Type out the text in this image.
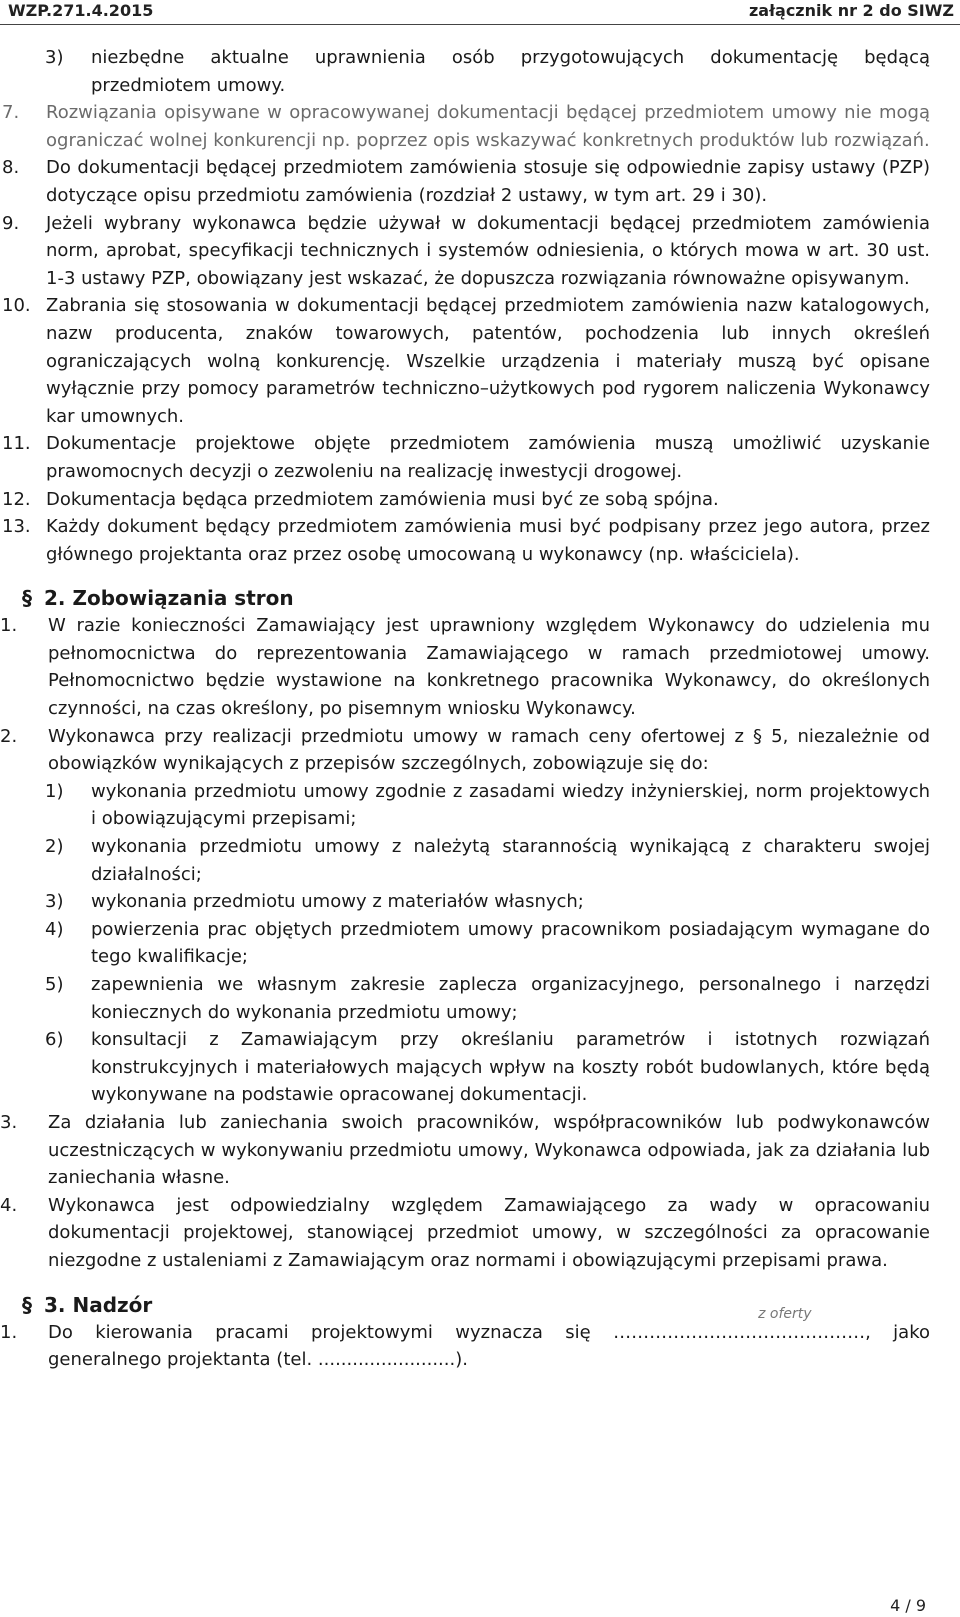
WZP.271.4.2015	załącznik nr 2 do SIWZ
3)	niezbędne aktualne uprawnienia osób przygotowujących dokumentację będącą przedmiotem umowy.
7.	Rozwiązania opisywane w opracowywanej dokumentacji będącej przedmiotem umowy nie mogą ograniczać wolnej konkurencji np. poprzez opis wskazywać konkretnych produktów lub rozwiązań.
8.	Do dokumentacji będącej przedmiotem zamówienia stosuje się odpowiednie zapisy ustawy (PZP) dotyczące opisu przedmiotu zamówienia (rozdział 2 ustawy, w tym art. 29 i 30).
9.	Jeżeli wybrany wykonawca będzie używał w dokumentacji będącej przedmiotem zamówienia norm, aprobat, specyfikacji technicznych i systemów odniesienia, o których mowa w art. 30 ust. 1-3 ustawy PZP, obowiązany jest wskazać, że dopuszcza rozwiązania równoważne opisywanym.
10. Zabrania się stosowania w dokumentacji będącej przedmiotem zamówienia nazw katalogowych, nazw producenta, znaków towarowych, patentów, pochodzenia lub innych określeń ograniczających wolną konkurencję. Wszelkie urządzenia i materiały muszą być opisane wyłącznie przy pomocy parametrów techniczno–użytkowych pod rygorem naliczenia Wykonawcy kar umownych.
11. Dokumentacje projektowe objęte przedmiotem zamówienia muszą umożliwić uzyskanie prawomocnych decyzji o zezwoleniu na realizację inwestycji drogowej.
12. Dokumentacja będąca przedmiotem zamówienia musi być ze sobą spójna.
13. Każdy dokument będący przedmiotem zamówienia musi być podpisany przez jego autora, przez głównego projektanta oraz przez osobę umocowaną u wykonawcy (np. właściciela).
§ 2. Zobowiązania stron
1.	W razie konieczności Zamawiający jest uprawniony względem Wykonawcy do udzielenia mu pełnomocnictwa do reprezentowania Zamawiającego w ramach przedmiotowej umowy. Pełnomocnictwo będzie wystawione na konkretnego pracownika Wykonawcy, do określonych czynności, na czas określony, po pisemnym wniosku Wykonawcy.
2.	Wykonawca przy realizacji przedmiotu umowy w ramach ceny ofertowej z § 5, niezależnie od obowiązków wynikających z przepisów szczególnych, zobowiązuje się do:
1)	wykonania przedmiotu umowy zgodnie z zasadami wiedzy inżynierskiej, norm projektowych i obowiązującymi przepisami;
2)	wykonania przedmiotu umowy z należytą starannością wynikającą z charakteru swojej działalności;
3)	wykonania przedmiotu umowy z materiałów własnych;
4)	powierzenia prac objętych przedmiotem umowy pracownikom posiadającym wymagane do tego kwalifikacje;
5)	zapewnienia we własnym zakresie zaplecza organizacyjnego, personalnego i narzędzi koniecznych do wykonania przedmiotu umowy;
6)	konsultacji z Zamawiającym przy określaniu parametrów i istotnych rozwiązań konstrukcyjnych i materiałowych mających wpływ na koszty robót budowlanych, które będą wykonywane na podstawie opracowanej dokumentacji.
3.	Za działania lub zaniechania swoich pracowników, współpracowników lub podwykonawców uczestniczących w wykonywaniu przedmiotu umowy, Wykonawca odpowiada, jak za działania lub zaniechania własne.
4.	Wykonawca jest odpowiedzialny względem Zamawiającego za wady w opracowaniu dokumentacji projektowej, stanowiącej przedmiot umowy, w szczególności za opracowanie niezgodne z ustaleniami z Zamawiającym oraz normami i obowiązującymi przepisami prawa.
§ 3. Nadzór
1.	Do kierowania pracami projektowymi wyznacza się
z oferty
……………………………………, jako generalnego projektanta (tel. ........................).
4 / 9
